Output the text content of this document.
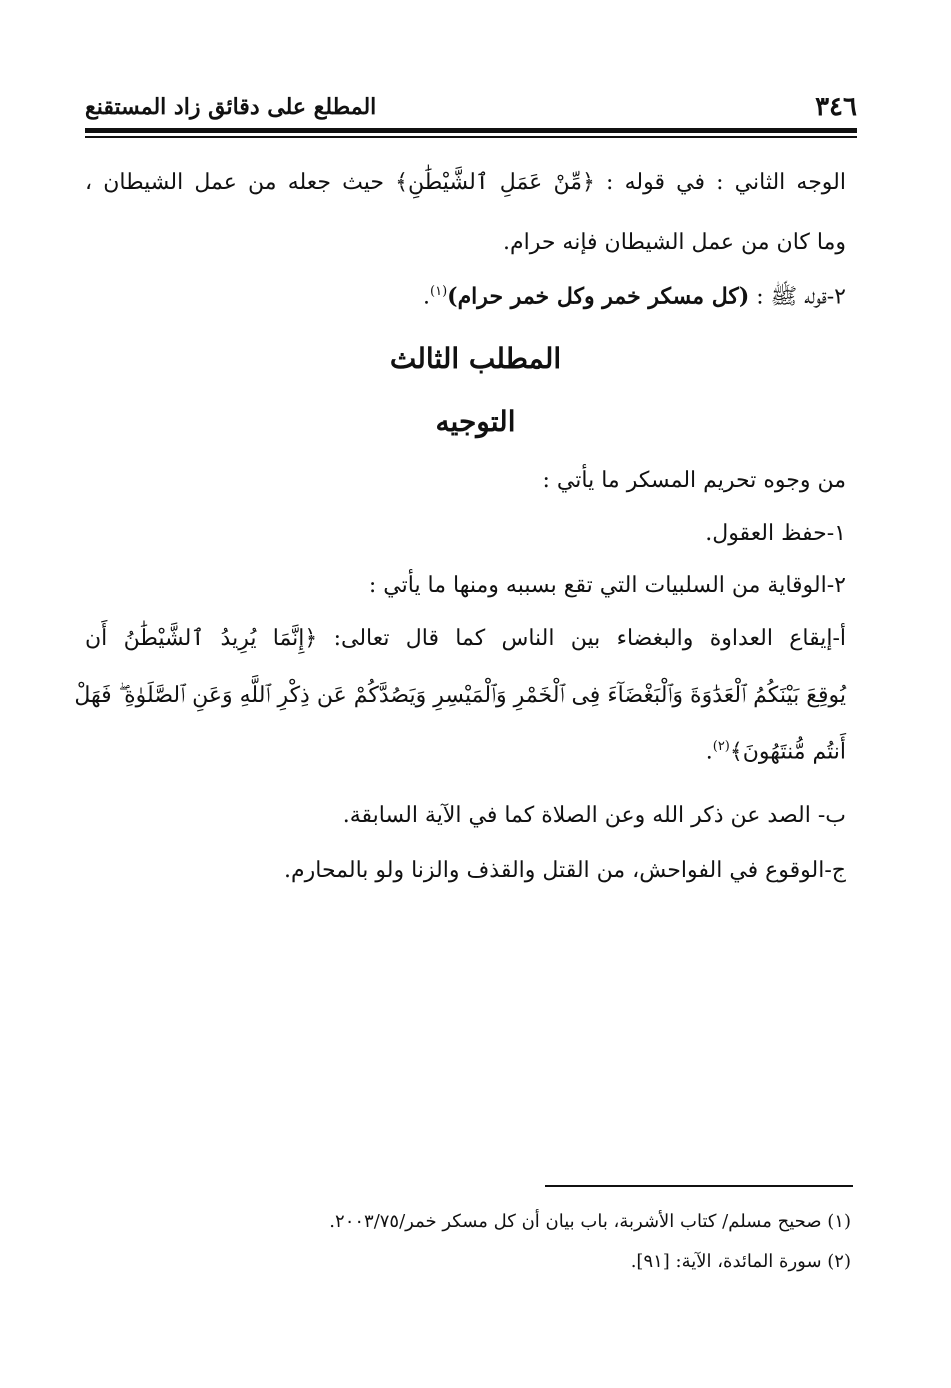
٣٤٦
المطلع على دقائق زاد المستقنع
الوجه الثاني : في قوله : ﴿مِّنْ عَمَلِ ٱلشَّيْطَٰنِ﴾ حيث جعله من عمل الشيطان ،
وما كان من عمل الشيطان فإنه حرام.
٢-قوله ﷺ : (كل مسكر خمر وكل خمر حرام)$^{(١)}$.
المطلب الثالث
التوجيه
من وجوه تحريم المسكر ما يأتي :
١-حفظ العقول.
٢-الوقاية من السلبيات التي تقع بسببه ومنها ما يأتي :
أ-إيقاع العداوة والبغضاء بين الناس كما قال تعالى: ﴿إِنَّمَا يُرِيدُ ٱلشَّيْطَٰنُ أَن
يُوقِعَ بَيْنَكُمُ ٱلْعَدَٰوَةَ وَٱلْبَغْضَآءَ فِى ٱلْخَمْرِ وَٱلْمَيْسِرِ وَيَصُدَّكُمْ عَن ذِكْرِ ٱللَّهِ وَعَنِ ٱلصَّلَوٰةِ ۖ فَهَلْ
أَنتُم مُّنتَهُونَ﴾$^{(٢)}$.
ب- الصد عن ذكر الله وعن الصلاة كما في الآية السابقة.
ج-الوقوع في الفواحش، من القتل والقذف والزنا ولو بالمحارم.
(١) صحيح مسلم/ كتاب الأشربة، باب بيان أن كل مسكر خمر/٢٠٠٣/٧٥.
(٢) سورة المائدة، الآية: [٩١].
